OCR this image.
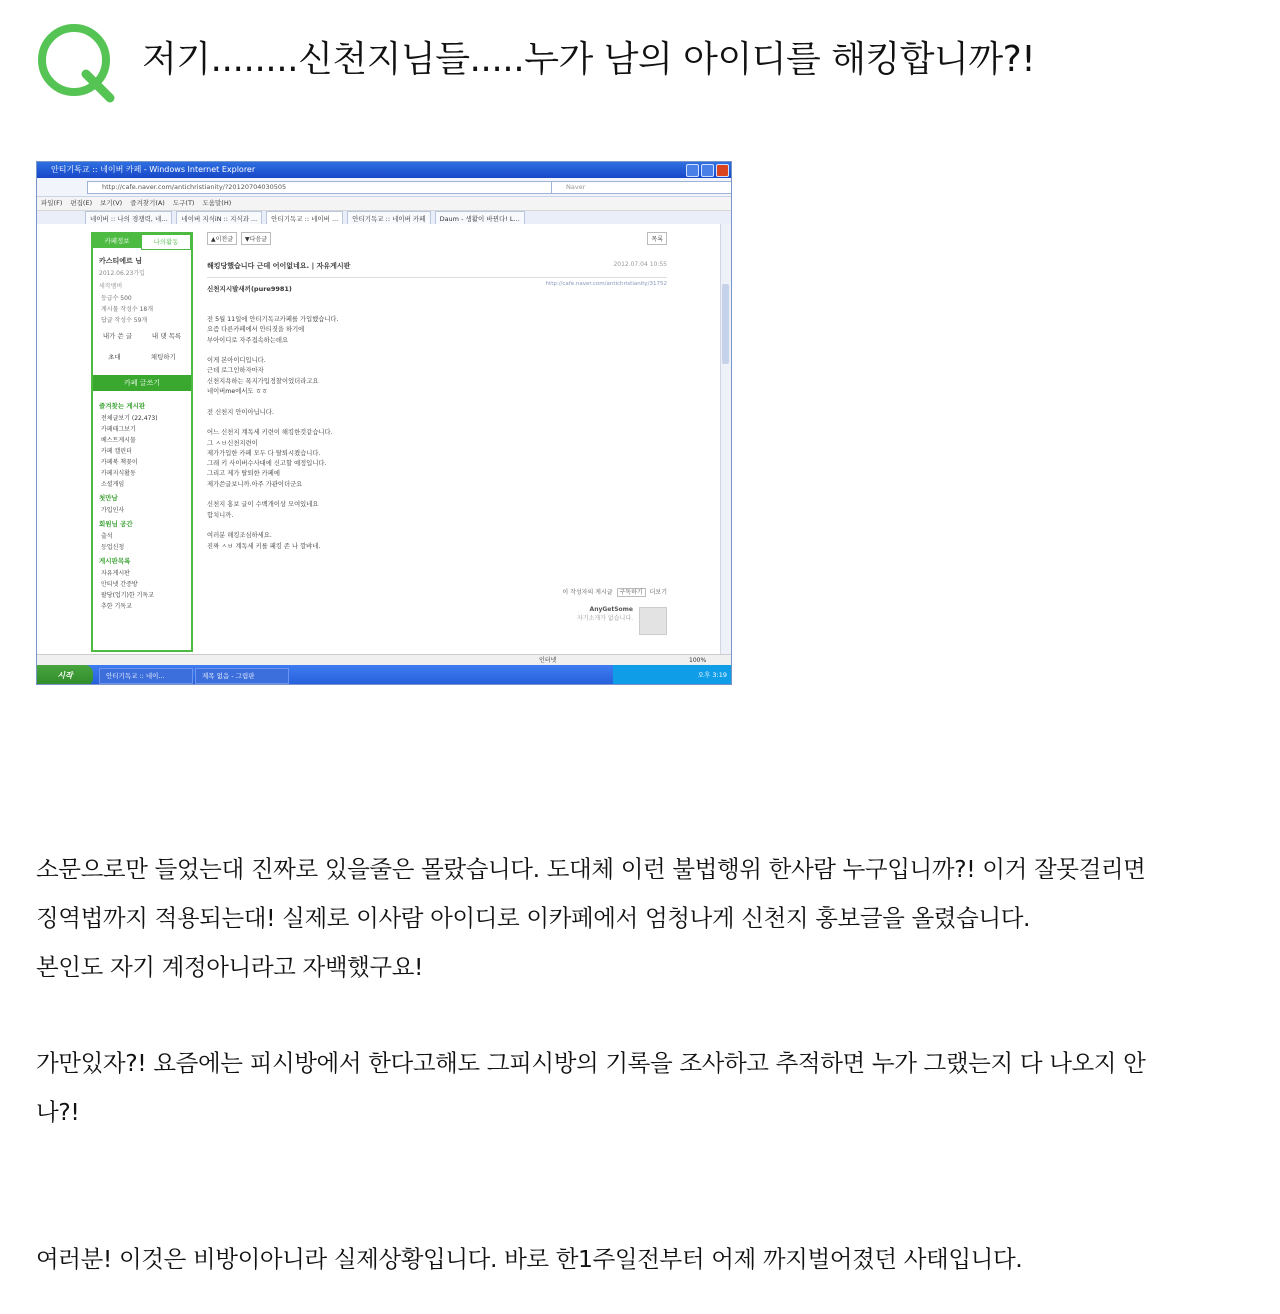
저기........신천지님들.....누가 남의 아이디를 해킹합니까?!
안티기독교 :: 네이버 카페 - Windows Internet Explorer
http://cafe.naver.com/antichristianity/?20120704030505	Naver
파일(F) 편집(E) 보기(V) 즐겨찾기(A) 도구(T) 도움말(H)
네이버 :: 나의 경쟁력, 네...	네이버 지식iN :: 지식과 ...	안티기독교 :: 네이버 ...	안티기독교 :: 네이버 카페	Daum - 생활이 바뀐다! L...
카페정보	나의활동
카스티에르 님
2012.06.23가입
새작멤버
등급수 500
게시물 작성수 18개
답글 작성수 59개
내가 쓴 글	내 댓 목록
초대	채팅하기
카페 글쓰기
즐겨찾는 게시판
전체글보기 (22,473)
카페태그보기
베스트게시물
카페 캘린더
카페북 책꽂이
카페지식활동
소셜게임
첫만남
가입인사
회원님 공간
출석
등업신청
게시판목록
자유게시판
안티넷 간증방
팔당(업기)한 기독교
추한 기독교
▲이전글	▼다음글	목록
해킹당했습니다 근데 어이없네요. | 자유게시판	2012.07.04 10:55
신천지시발새끼(pure9981)
http://cafe.naver.com/antichristianity/31752
전 5월 11일에 안티기독교카페를 가입했습니다.
요즘 다른카페에서 안티짓을 하기에
부아이디로 자주접속하는데요

이게 본아이디입니다.
근데 로그인하자마자
신천지욕하는 폭지가입정찰이었더라고요
네이버me에서도 ㅎㅎ

전 신천지 안이아닙니다.

어느 신천지 계독세 키련이 해킹한것같습니다.
그 ㅅㅂ신천지련이
제가가입한 카페 모두 다 탈퇴시켰습니다.
그래 키 사이버수사대에 신고할 예정입니다.
그리고 제가 탈퇴한 카페에
제가쓴글보니까.아주 가관이더군요

신천지 홍보 글이 수백개이상 모여있네요
합치니까.

여러분 해킹조심하세요.
진짜 ㅅㅂ 계독세 키를 패킹 존 나 깔뱌네.
이 작성자의 게시글 구독하기 더보기
AnyGetSome
자기소개가 없습니다.
인터넷	100%
시작	안티기독교 :: 네이...	제목 없음 - 그림판	오후 3:19
소문으로만 들었는대 진짜로 있을줄은 몰랐습니다. 도대체 이런 불법행위 한사람 누구입니까?! 이거 잘못걸리면
징역법까지 적용되는대! 실제로 이사람 아이디로 이카페에서 엄청나게 신천지 홍보글을 올렸습니다.
본인도 자기 계정아니라고 자백했구요!
가만있자?! 요즘에는 피시방에서 한다고해도 그피시방의 기록을 조사하고 추적하면 누가 그랬는지 다 나오지 안
나?!
여러분! 이것은 비방이아니라 실제상황입니다. 바로 한1주일전부터 어제 까지벌어졌던 사태입니다.
